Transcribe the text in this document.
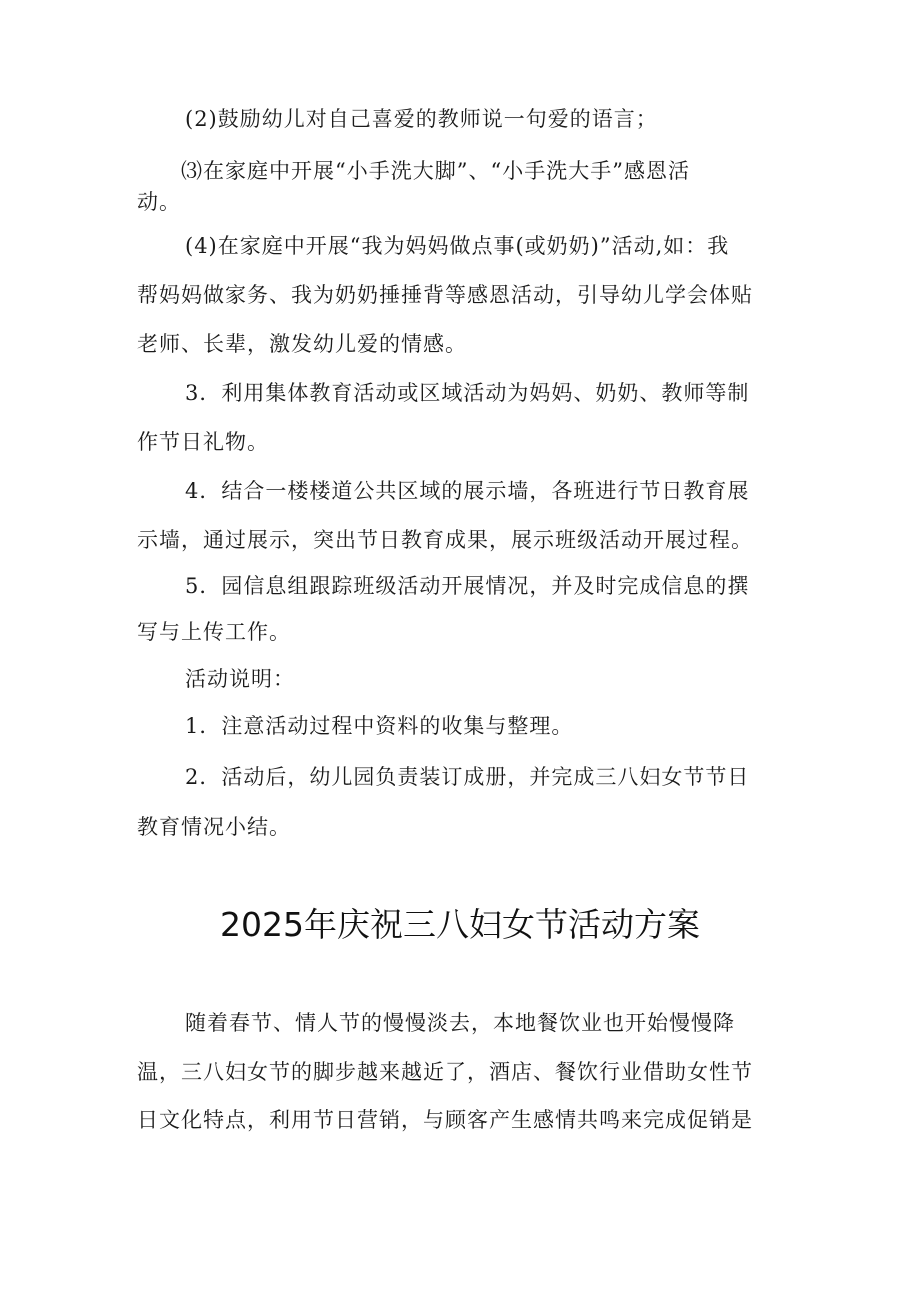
(2)鼓励幼儿对自己喜爱的教师说一句爱的语言；
⑶在家庭中开展“小手洗大脚”、“小手洗大手”感恩活
动。
(4)在家庭中开展“我为妈妈做点事(或奶奶)”活动,如：我
帮妈妈做家务、我为奶奶捶捶背等感恩活动，引导幼儿学会体贴
老师、长辈，激发幼儿爱的情感。
3．利用集体教育活动或区域活动为妈妈、奶奶、教师等制
作节日礼物。
4．结合一楼楼道公共区域的展示墙，各班进行节日教育展
示墙，通过展示，突出节日教育成果，展示班级活动开展过程。
5．园信息组跟踪班级活动开展情况，并及时完成信息的撰
写与上传工作。
活动说明：
1．注意活动过程中资料的收集与整理。
2．活动后，幼儿园负责装订成册，并完成三八妇女节节日
教育情况小结。
2025年庆祝三八妇女节活动方案
随着春节、情人节的慢慢淡去，本地餐饮业也开始慢慢降
温，三八妇女节的脚步越来越近了，酒店、餐饮行业借助女性节
日文化特点，利用节日营销，与顾客产生感情共鸣来完成促销是
